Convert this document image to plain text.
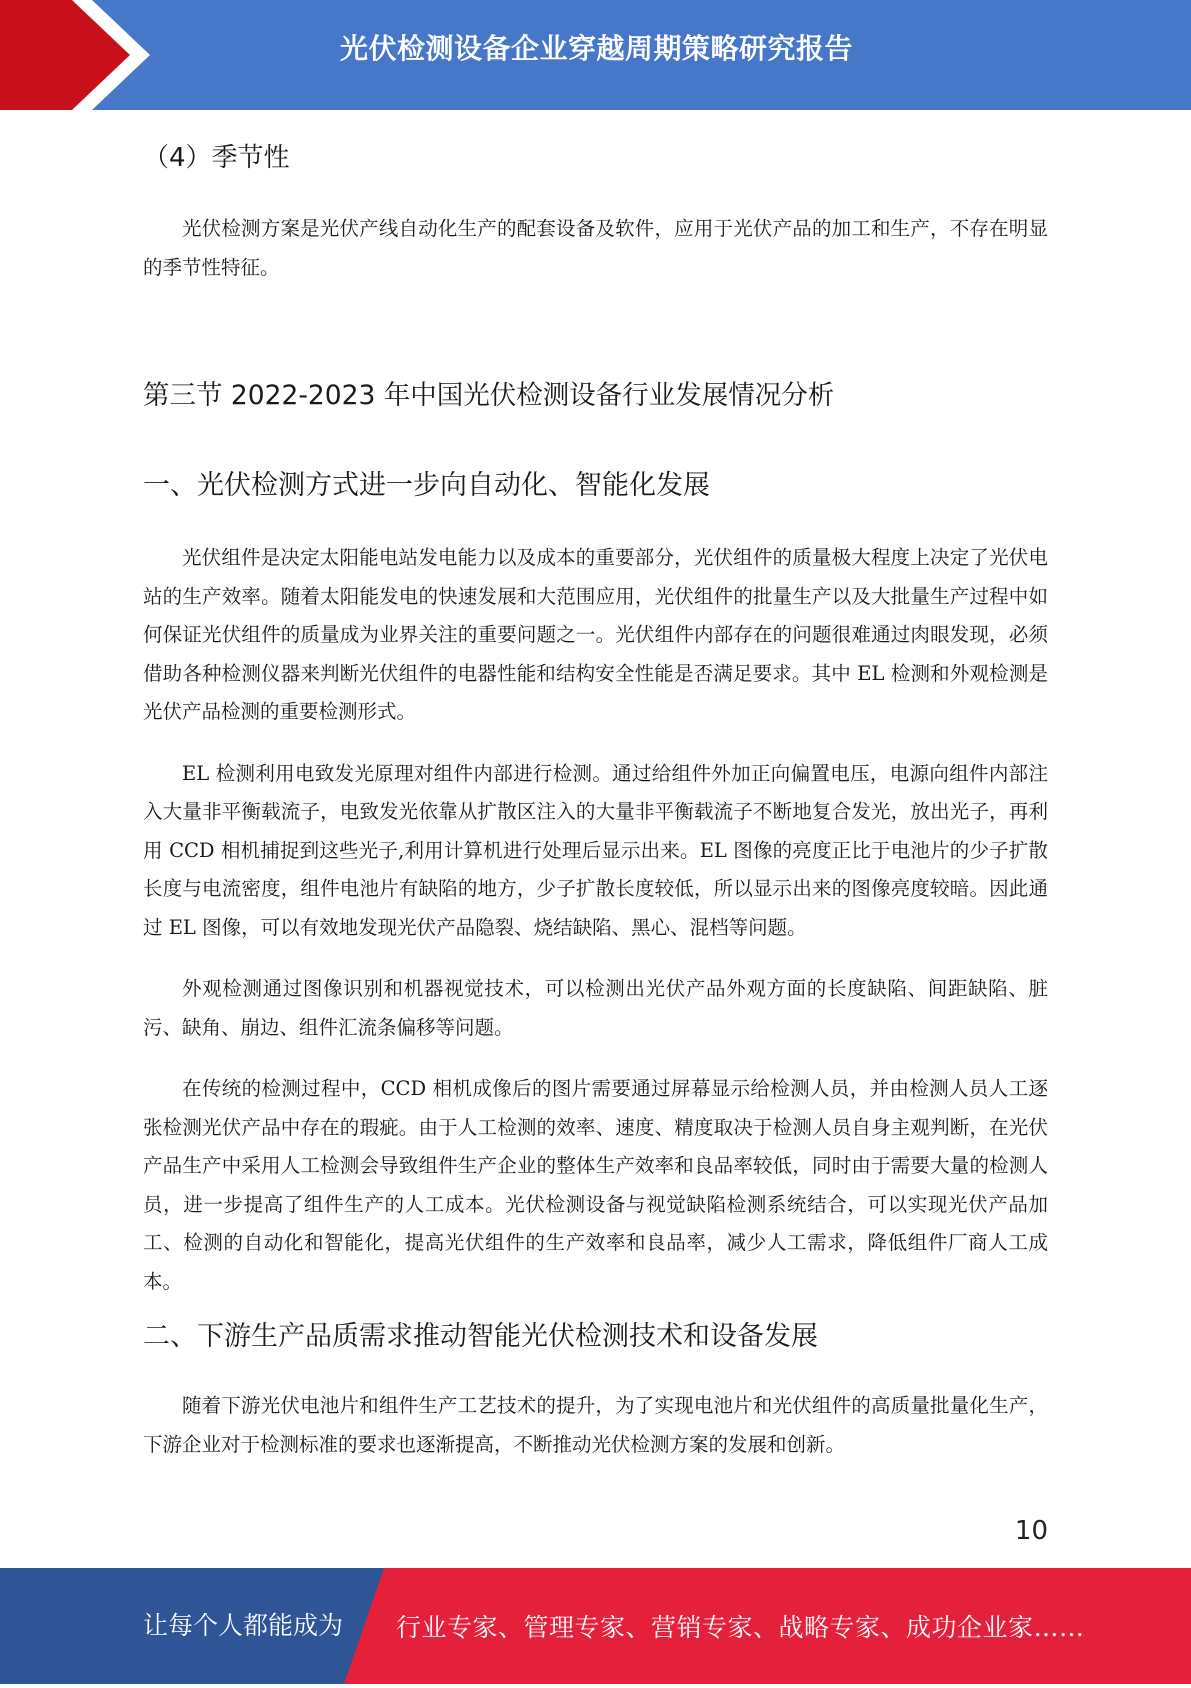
光伏检测设备企业穿越周期策略研究报告
（4）季节性

光伏检测方案是光伏产线自动化生产的配套设备及软件，应用于光伏产品的加工和生产，不存在明显的季节性特征。

第三节 2022-2023 年中国光伏检测设备行业发展情况分析
一、光伏检测方式进一步向自动化、智能化发展

光伏组件是决定太阳能电站发电能力以及成本的重要部分，光伏组件的质量极大程度上决定了光伏电站的生产效率。随着太阳能发电的快速发展和大范围应用，光伏组件的批量生产以及大批量生产过程中如何保证光伏组件的质量成为业界关注的重要问题之一。光伏组件内部存在的问题很难通过肉眼发现，必须借助各种检测仪器来判断光伏组件的电器性能和结构安全性能是否满足要求。其中 EL 检测和外观检测是光伏产品检测的重要检测形式。

EL 检测利用电致发光原理对组件内部进行检测。通过给组件外加正向偏置电压，电源向组件内部注入大量非平衡载流子，电致发光依靠从扩散区注入的大量非平衡载流子不断地复合发光，放出光子，再利用 CCD 相机捕捉到这些光子,利用计算机进行处理后显示出来。EL 图像的亮度正比于电池片的少子扩散长度与电流密度，组件电池片有缺陷的地方，少子扩散长度较低，所以显示出来的图像亮度较暗。因此通过 EL 图像，可以有效地发现光伏产品隐裂、烧结缺陷、黑心、混档等问题。

外观检测通过图像识别和机器视觉技术，可以检测出光伏产品外观方面的长度缺陷、间距缺陷、脏污、缺角、崩边、组件汇流条偏移等问题。

在传统的检测过程中，CCD 相机成像后的图片需要通过屏幕显示给检测人员，并由检测人员人工逐张检测光伏产品中存在的瑕疵。由于人工检测的效率、速度、精度取决于检测人员自身主观判断，在光伏产品生产中采用人工检测会导致组件生产企业的整体生产效率和良品率较低，同时由于需要大量的检测人员，进一步提高了组件生产的人工成本。光伏检测设备与视觉缺陷检测系统结合，可以实现光伏产品加工、检测的自动化和智能化，提高光伏组件的生产效率和良品率，减少人工需求，降低组件厂商人工成本。

二、下游生产品质需求推动智能光伏检测技术和设备发展

随着下游光伏电池片和组件生产工艺技术的提升，为了实现电池片和光伏组件的高质量批量化生产，下游企业对于检测标准的要求也逐渐提高，不断推动光伏检测方案的发展和创新。

10
让每个人都能成为 行业专家、管理专家、营销专家、战略专家、成功企业家……
